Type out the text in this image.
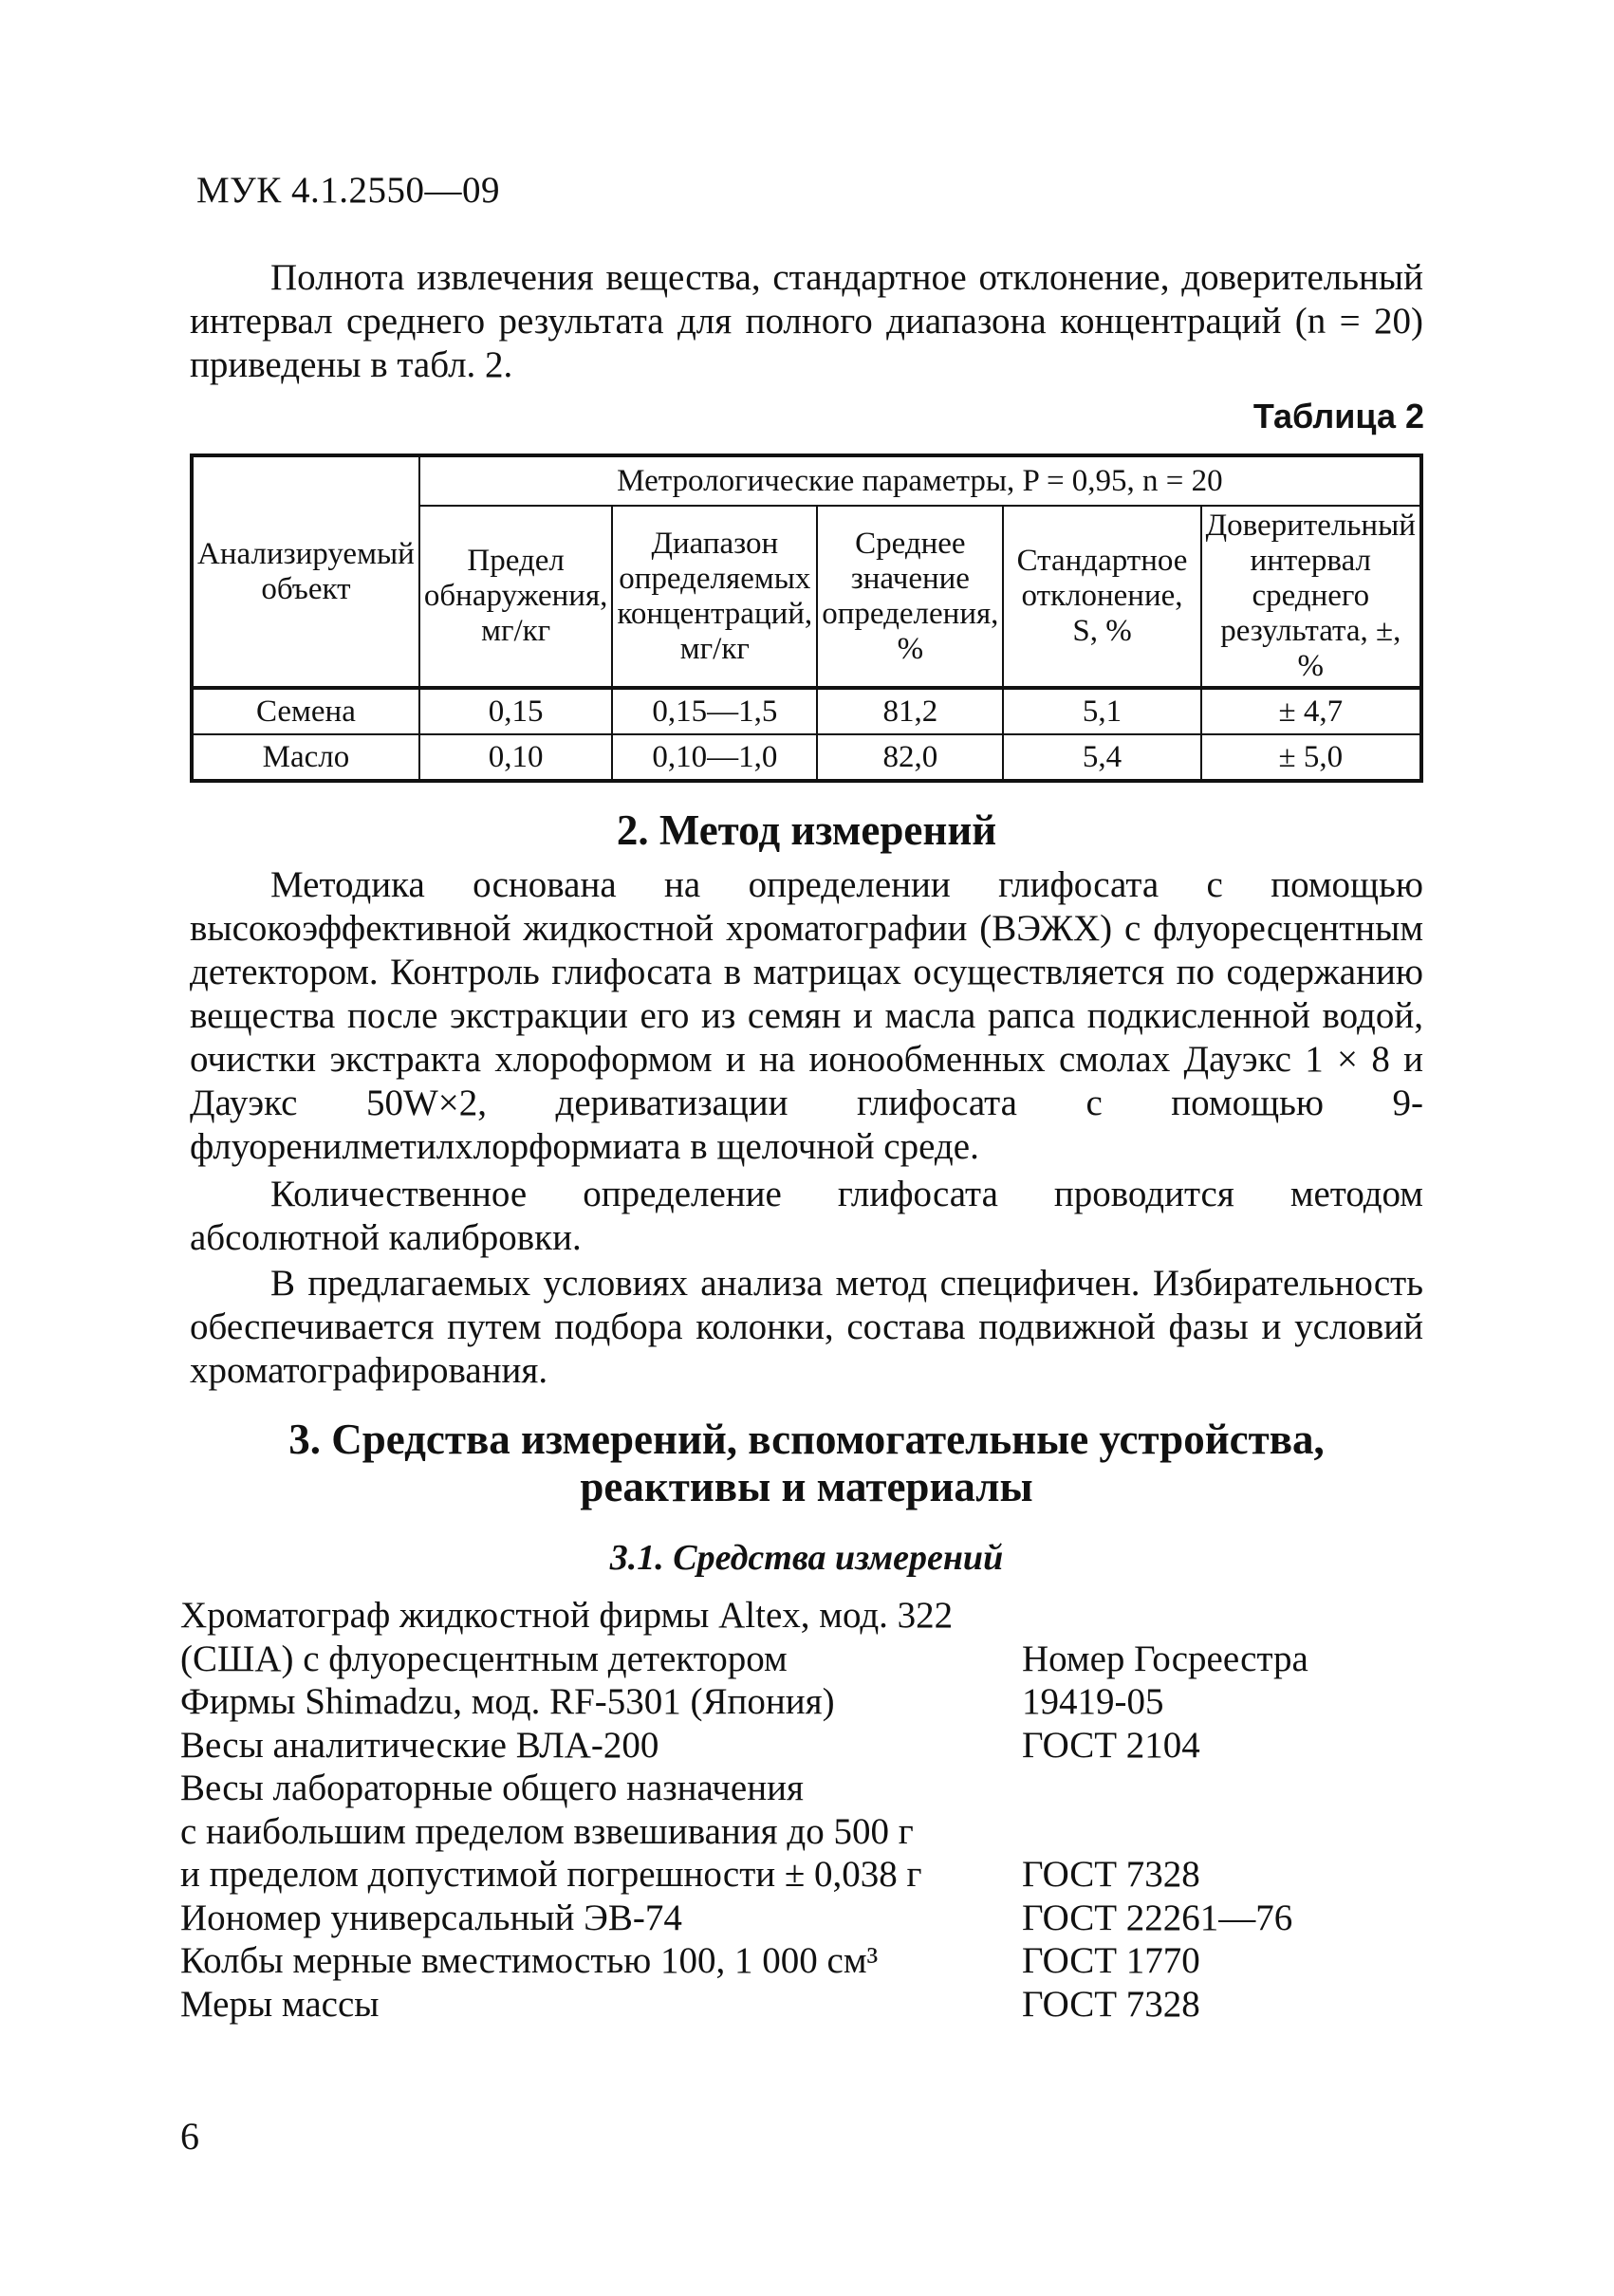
МУК 4.1.2550—09

Полнота извлечения вещества, стандартное отклонение, доверительный интервал среднего результата для полного диапазона концентраций (n = 20) приведены в табл. 2.

Таблица 2
Анализируемый объект	Метрологические параметры, P = 0,95, n = 20				
	Предел обнаружения, мг/кг	Диапазон определяемых концентраций, мг/кг	Среднее значение определения, %	Стандартное отклонение, S, %	Доверительный интервал среднего результата, ±, %
Семена	0,15	0,15—1,5	81,2	5,1	± 4,7
Масло	0,10	0,10—1,0	82,0	5,4	± 5,0
2. Метод измерений

Методика основана на определении глифосата с помощью высокоэффективной жидкостной хроматографии (ВЭЖХ) с флуоресцентным детектором. Контроль глифосата в матрицах осуществляется по содержанию вещества после экстракции его из семян и масла рапса подкисленной водой, очистки экстракта хлороформом и на ионообменных смолах Дауэкс 1 × 8 и Дауэкс 50W×2, дериватизации глифосата с помощью 9-флуоренилметилхлорформиата в щелочной среде.

Количественное определение глифосата проводится методом абсолютной калибровки.

В предлагаемых условиях анализа метод специфичен. Избирательность обеспечивается путем подбора колонки, состава подвижной фазы и условий хроматографирования.

3. Средства измерений, вспомогательные устройства,
реактивы и материалы
3.1. Средства измерений
Хроматограф жидкостной фирмы Altex, мод. 322
(США) с флуоресцентным детектором	Номер Госреестра
Фирмы Shimadzu, мод. RF-5301 (Япония)	19419-05
Весы аналитические ВЛА-200	ГОСТ 2104
Весы лабораторные общего назначения
с наибольшим пределом взвешивания до 500 г
и пределом допустимой погрешности ± 0,038 г	ГОСТ 7328
Иономер универсальный ЭВ-74	ГОСТ 22261—76
Колбы мерные вместимостью 100, 1 000 см³	ГОСТ 1770
Меры массы	ГОСТ 7328
6
